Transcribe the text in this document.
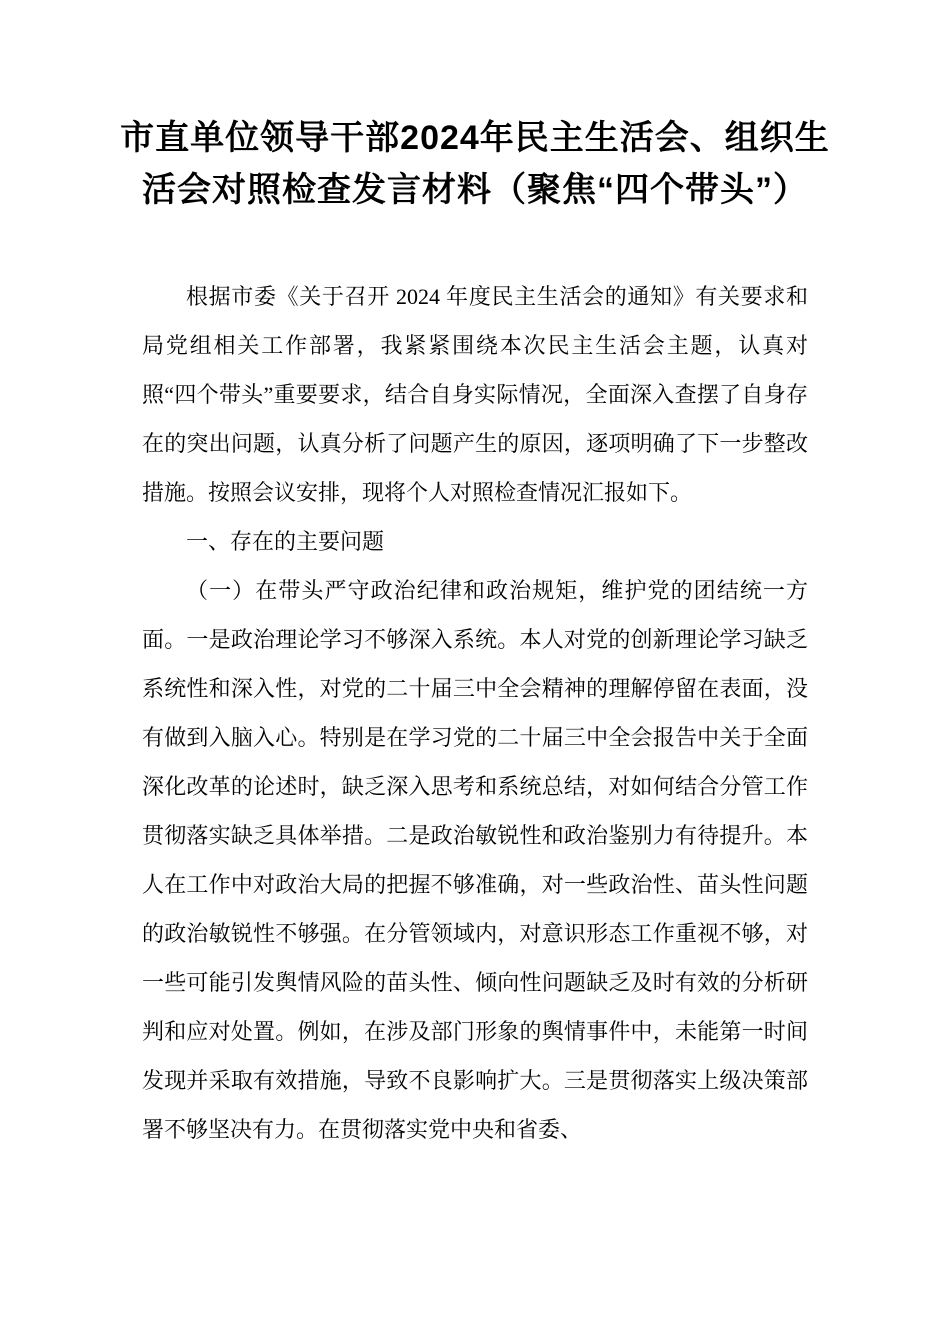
市直单位领导干部2024年民主生活会、组织生活会对照检查发言材料（聚焦“四个带头”）

根据市委《关于召开 2024 年度民主生活会的通知》有关要求和局党组相关工作部署，我紧紧围绕本次民主生活会主题，认真对照“四个带头”重要要求，结合自身实际情况，全面深入查摆了自身存在的突出问题，认真分析了问题产生的原因，逐项明确了下一步整改措施。按照会议安排，现将个人对照检查情况汇报如下。

一、存在的主要问题

（一）在带头严守政治纪律和政治规矩，维护党的团结统一方面。一是政治理论学习不够深入系统。本人对党的创新理论学习缺乏系统性和深入性，对党的二十届三中全会精神的理解停留在表面，没有做到入脑入心。特别是在学习党的二十届三中全会报告中关于全面深化改革的论述时，缺乏深入思考和系统总结，对如何结合分管工作贯彻落实缺乏具体举措。二是政治敏锐性和政治鉴别力有待提升。本人在工作中对政治大局的把握不够准确，对一些政治性、苗头性问题的政治敏锐性不够强。在分管领域内，对意识形态工作重视不够，对一些可能引发舆情风险的苗头性、倾向性问题缺乏及时有效的分析研判和应对处置。例如，在涉及部门形象的舆情事件中，未能第一时间发现并采取有效措施，导致不良影响扩大。三是贯彻落实上级决策部署不够坚决有力。在贯彻落实党中央和省委、
